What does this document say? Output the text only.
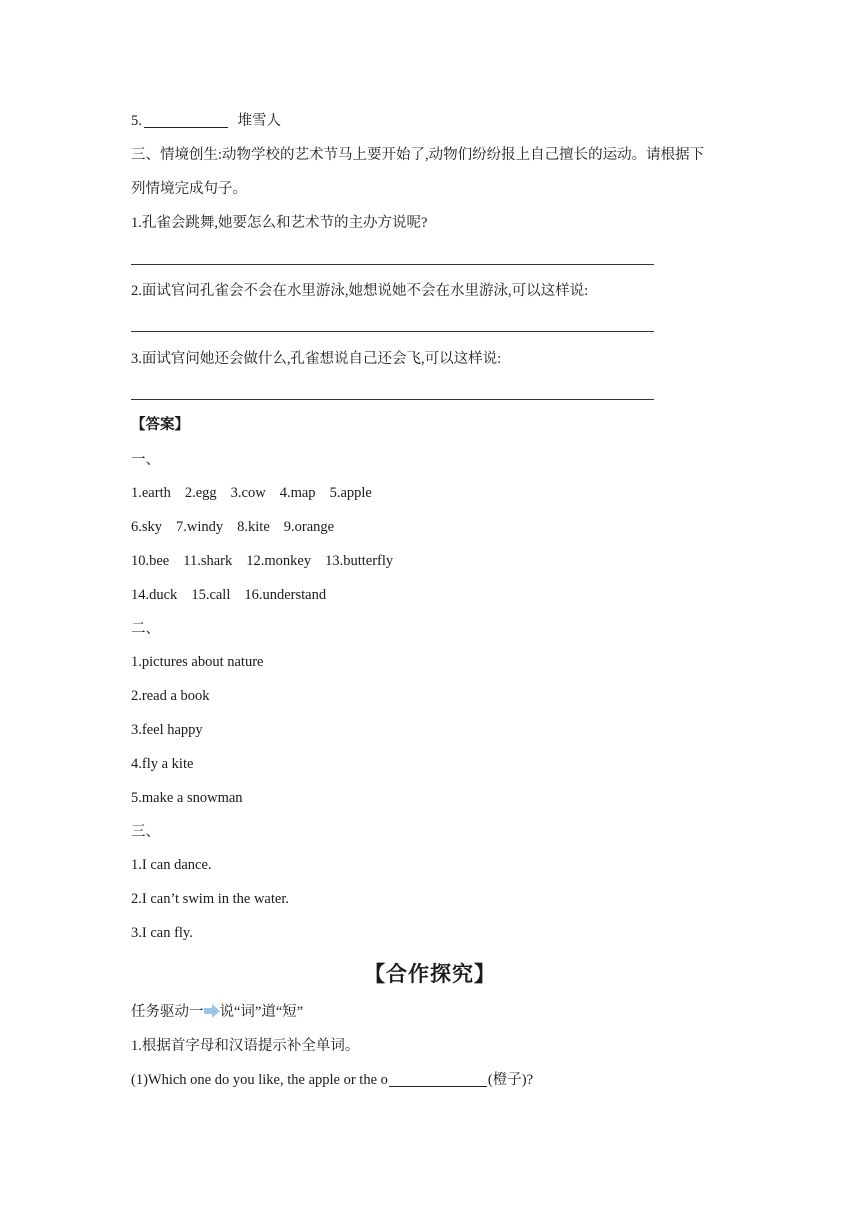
5.	堆雪人
三、情境创生:动物学校的艺术节马上要开始了,动物们纷纷报上自己擅长的运动。请根据下
列情境完成句子。
1.孔雀会跳舞,她要怎么和艺术节的主办方说呢?
2.面试官问孔雀会不会在水里游泳,她想说她不会在水里游泳,可以这样说:
3.面试官问她还会做什么,孔雀想说自己还会飞,可以这样说:
【答案】
一、
1.earth 2.egg 3.cow 4.map 5.apple
6.sky 7.windy 8.kite 9.orange
10.bee 11.shark 12.monkey 13.butterfly
14.duck 15.call 16.understand
二、
1.pictures about nature
2.read a book
3.feel happy
4.fly a kite
5.make a snowman
三、
1.I can dance.
2.I can’t swim in the water.
3.I can fly.
【合作探究】
任务驱动一 说“词”道“短”
1.根据首字母和汉语提示补全单词。
(1)Which one do you like, the apple or the o	(橙子)?
